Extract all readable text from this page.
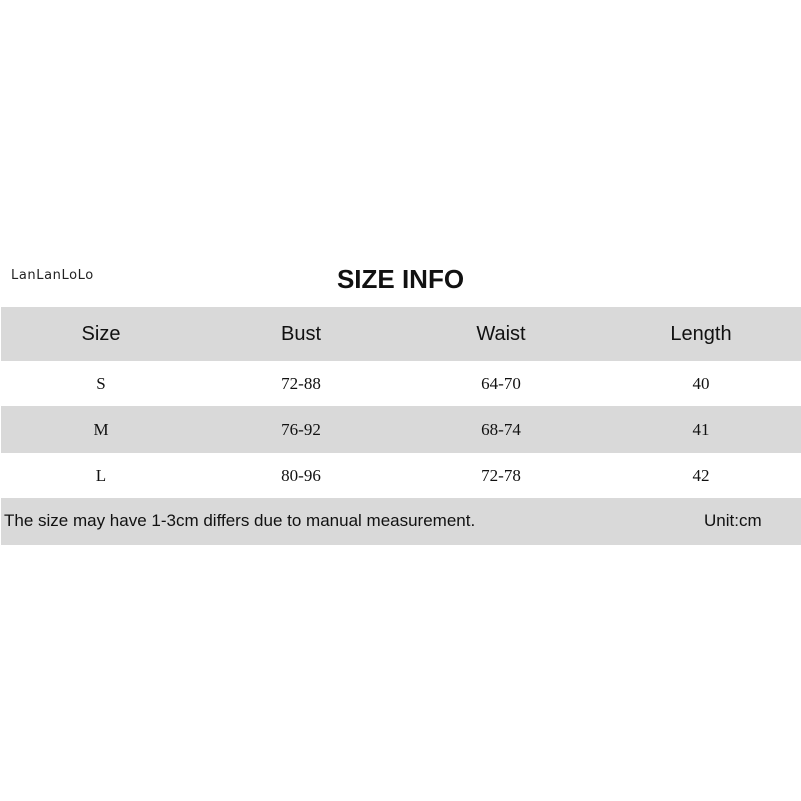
LanLanLoLo	SIZE INFO
Size	Bust	Waist	Length
S	72-88	64-70	40
M	76-92	68-74	41
L	80-96	72-78	42
The size may have 1-3cm differs due to manual measurement.	Unit:cm
